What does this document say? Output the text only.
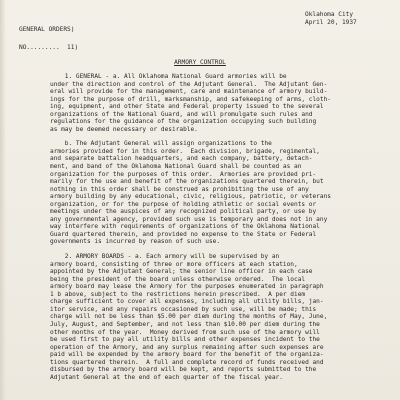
Oklahoma City
April 20, 1937
GENERAL ORDERS)
NO.........  11)
ARMORY CONTROL
1. GENERAL - a. All Oklahoma National Guard armories will be
under the direction and control of the Adjutant General.  The Adjutant Gen-
eral will provide for the management, care and maintenance of armory build-
ings for the purpose of drill, marksmanship, and safekeeping of arms, cloth-
ing, equipment, and other State and Federal property issued to the several
organizations of the National Guard, and will promulgate such rules and
regulations for the guidance of the organization occupying such building
as may be deemed necessary or desirable.
b. The Adjutant General will assign organizations to the
armories provided for in this order.  Each division, brigade, regimental,
and separate battalion headquarters, and each company, battery, detach-
ment, and band of the Oklahoma National Guard shall be counted as an
organization for the purposes of this order.  Armories are provided pri-
marily for the use and benefit of the organizations quartered therein, but
nothing in this order shall be construed as prohibiting the use of any
armory building by any educational, civic, religious, patriotic, or veterans
organization, or for the purpose of holding athletic or social events or
meetings under the auspices of any recognized political party, or use by
any governmental agency, provided such use is temporary and does not in any
way interfere with requirements of organizations of the Oklahoma National
Guard quartered therein, and provided no expense to the State or Federal
governments is incurred by reason of such use.
2. ARMORY BOARDS - a. Each armory will be supervised by an
armory board, consisting of three or more officers at each station,
appointed by the Adjutant General; the senior line officer in each case
being the president of the board unless otherwise ordered.  The local
armory board may lease the Armory for the purposes enumerated in paragraph
1 b above, subject to the restrictions herein prescribed.  A per diem
charge sufficient to cover all expenses, including all utility bills, jan-
itor service, and any repairs occasioned by such use, will be made; this
charge will not be less than $5.00 per diem during the months of May, June,
July, August, and September, and not less than $10.00 per diem during the
other months of the year.  Money derived from such use of the armory will
be used first to pay all utility bills and other expenses incident to the
operation of the Armory, and any surplus remaining after such expenses are
paid will be expended by the armory board for the benefit of the organiza-
tions quartered therein.  A full and complete record of funds received and
disbursed by the armory board will be kept, and reports submitted to the
Adjutant General at the end of each quarter of the fiscal year.
